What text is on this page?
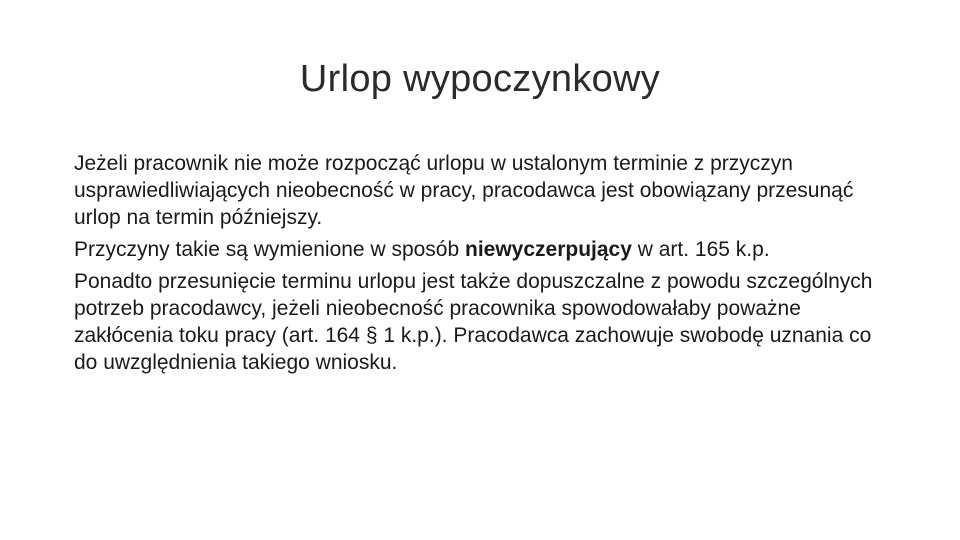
Urlop wypoczynkowy

Jeżeli pracownik nie może rozpocząć urlopu w ustalonym terminie z przyczyn usprawiedliwiających nieobecność w pracy, pracodawca jest obowiązany przesunąć urlop na termin późniejszy.

Przyczyny takie są wymienione w sposób niewyczerpujący w art. 165 k.p.

Ponadto przesunięcie terminu urlopu jest także dopuszczalne z powodu szczególnych potrzeb pracodawcy, jeżeli nieobecność pracownika spowodowałaby poważne zakłócenia toku pracy (art. 164 § 1 k.p.). Pracodawca zachowuje swobodę uznania co do uwzględnienia takiego wniosku.
